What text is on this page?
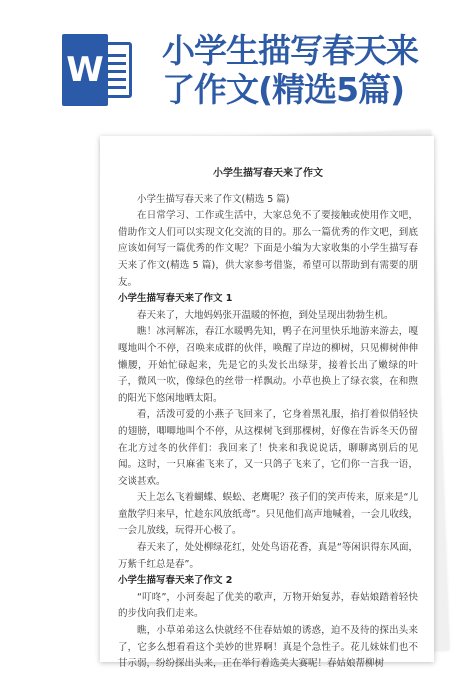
W 小学生描写春天来
了作文(精选5篇)
小学生描写春天来了作文

小学生描写春天来了作文(精选 5 篇)

在日常学习、工作或生活中，大家总免不了要接触或使用作文吧，借助作文人们可以实现文化交流的目的。那么一篇优秀的作文吧，到底应该如何写一篇优秀的作文呢？下面是小编为大家收集的小学生描写春天来了作文(精选 5 篇)，供大家参考借鉴，希望可以帮助到有需要的朋友。

小学生描写春天来了作文 1

春天来了，大地妈妈张开温暖的怀抱，到处呈现出勃勃生机。

瞧！冰河解冻，春江水暖鸭先知，鸭子在河里快乐地游来游去，嘎嘎地叫个不停，召唤来成群的伙伴，唤醒了岸边的柳树，只见柳树伸伸懒腰，开始忙碌起来，先是它的头发长出绿芽，接着长出了嫩绿的叶子，微风一吹，像绿色的丝带一样飘动。小草也换上了绿衣裳，在和煦的阳光下悠闲地晒太阳。

看，活泼可爱的小燕子飞回来了，它身着黑礼服，掐打着似俏轻快的翅膀，唧唧地叫个不停，从这棵树飞到那棵树，好像在告诉冬天仍留在北方过冬的伙伴们：我回来了！快来和我说说话，聊聊离别后的见闻。这时，一只麻雀飞来了，又一只鸽子飞来了，它们你一言我一语，交谈甚欢。

天上怎么飞着蝴蝶、蜈蚣、老鹰呢？孩子们的笑声传来，原来是“儿童散学归来早，忙趁东风放纸鸢”。只见他们高声地喊着，一会儿收线，一会儿放线，玩得开心极了。

春天来了，处处柳绿花红，处处鸟语花香，真是“等闲识得东风面，万紫千红总是春”。

小学生描写春天来了作文 2

“叮咚”，小河奏起了优美的歌声，万物开始复苏，春姑娘踏着轻快的步伐向我们走来。

瞧，小草弟弟这么快就经不住春姑娘的诱惑，迫不及待的探出头来了，它多么想看看这个美妙的世界啊！真是个急性子。花儿妹妹们也不甘示弱，纷纷探出头来，正在举行着选美大赛呢！春姑娘帮柳树
